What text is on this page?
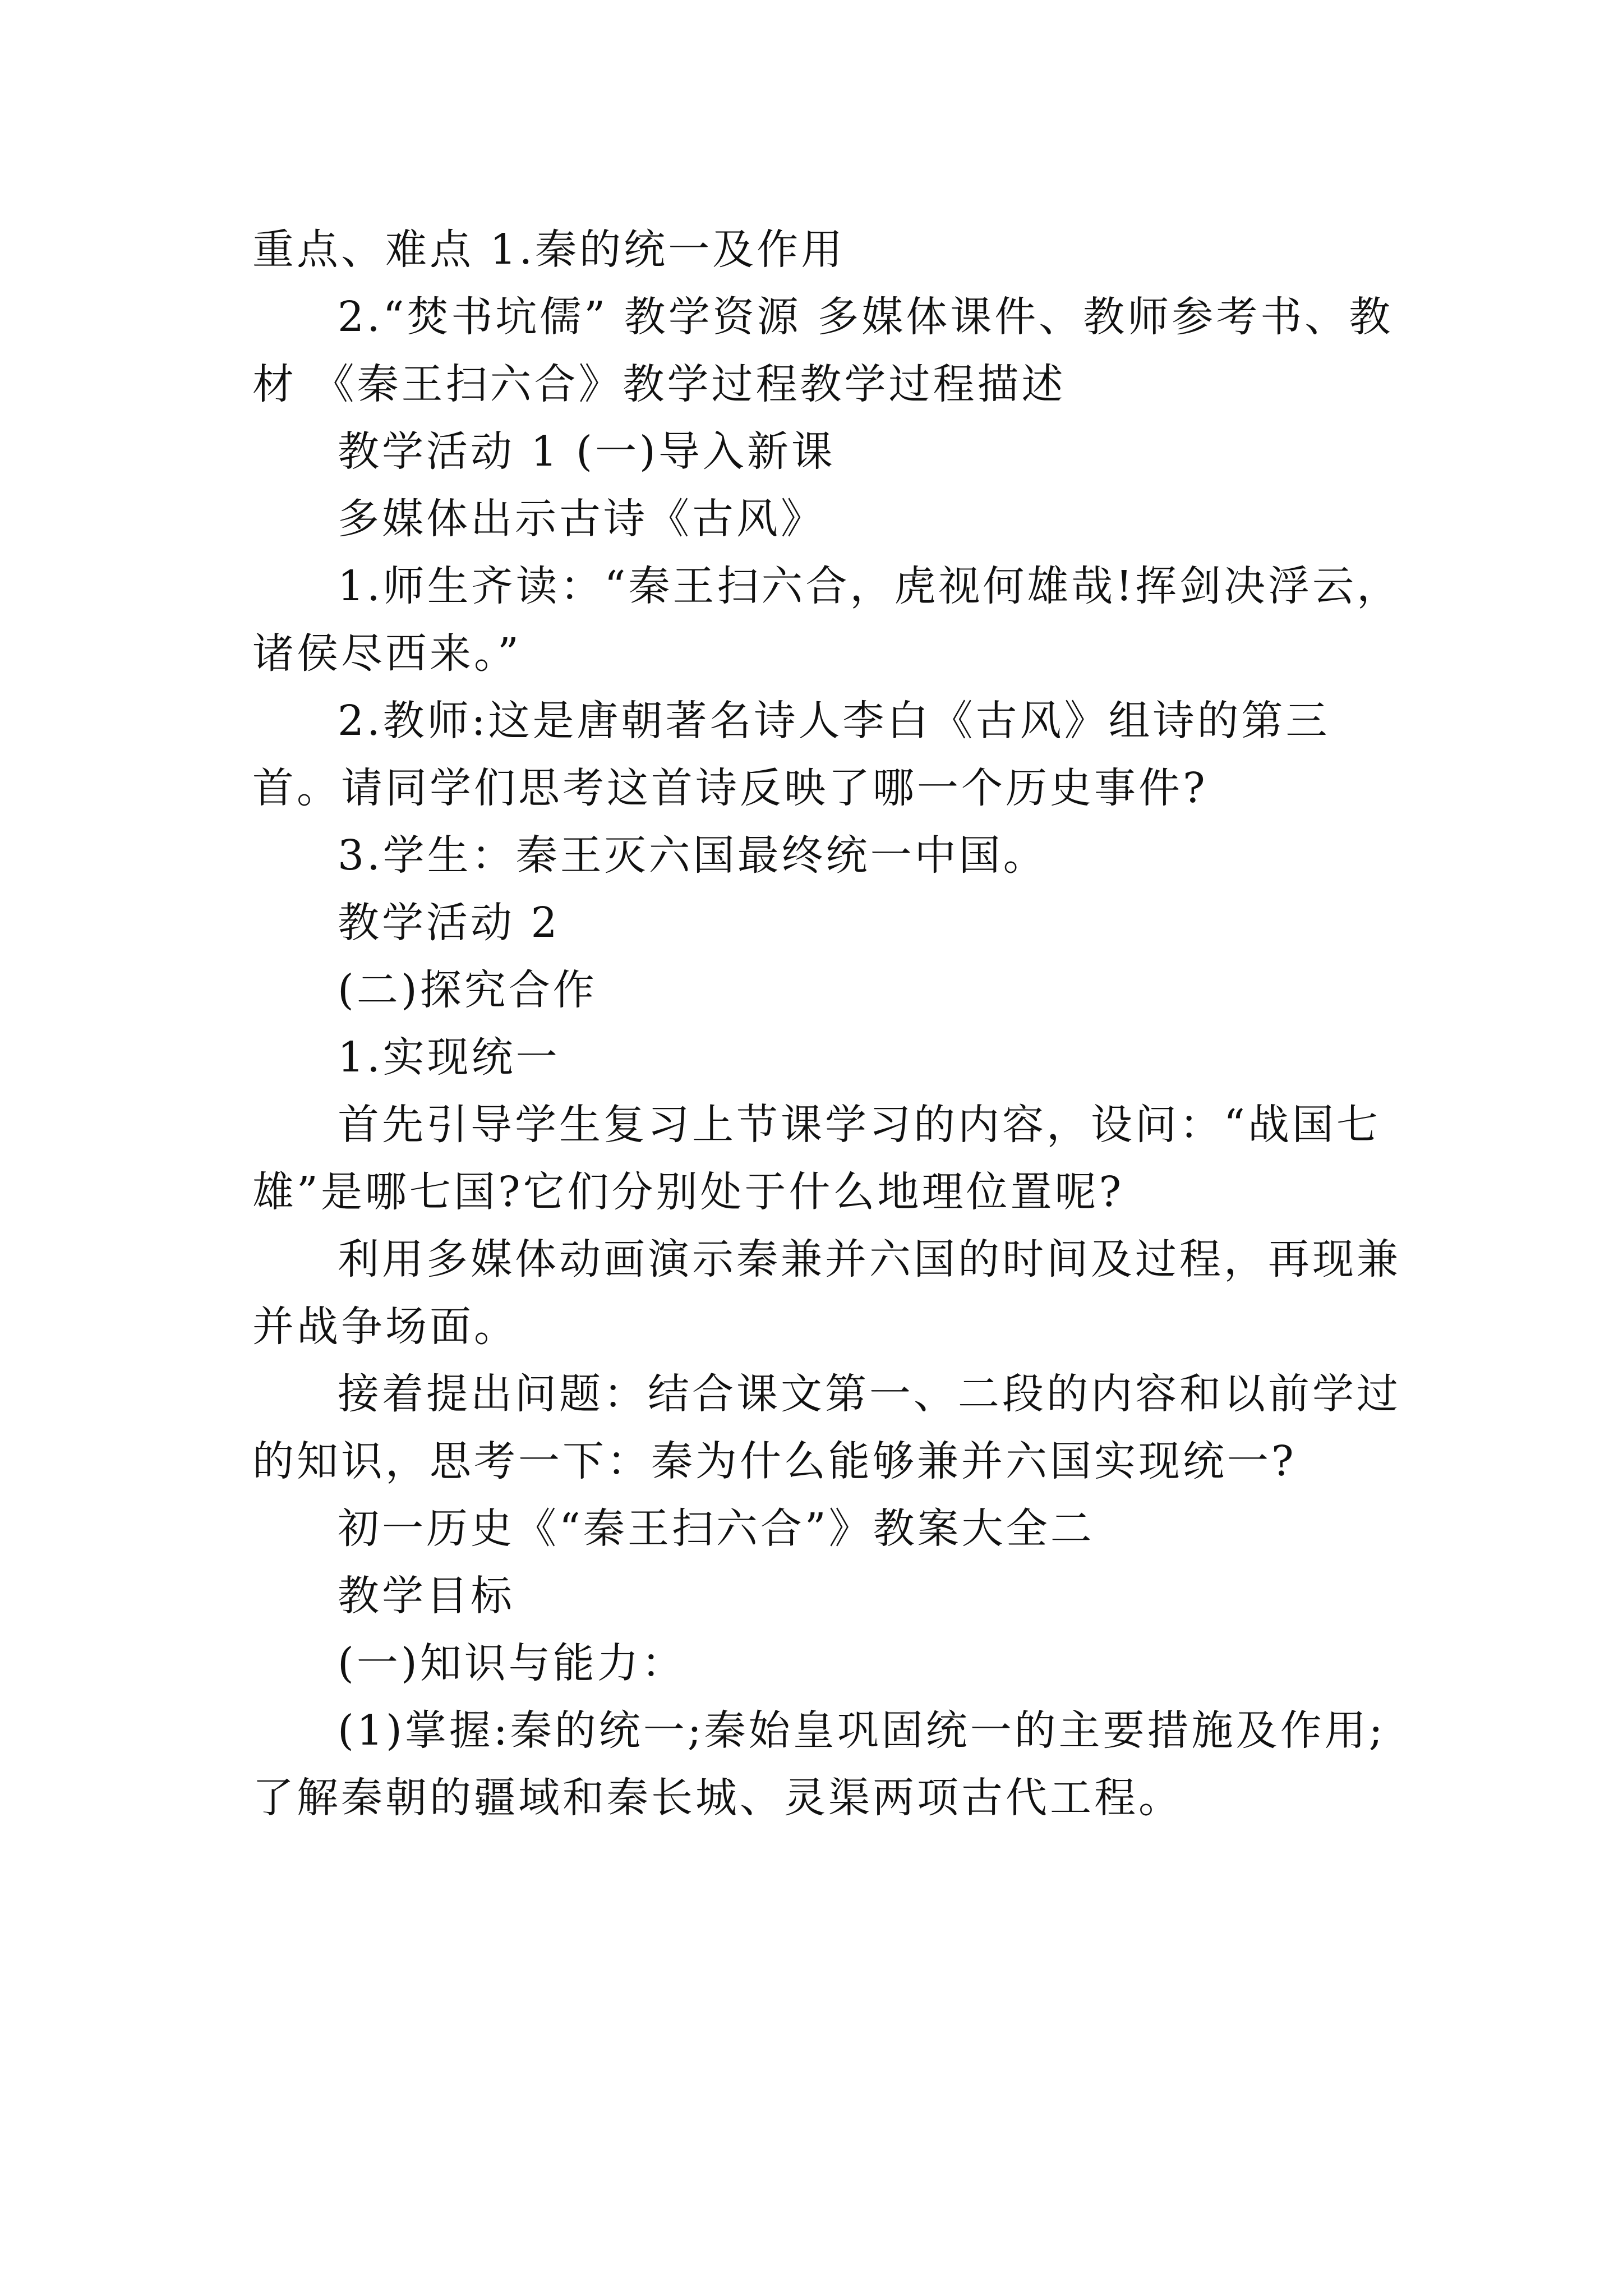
重点、难点 1.秦的统一及作用

2.“焚书坑儒” 教学资源 多媒体课件、教师参考书、教材 《秦王扫六合》教学过程教学过程描述

教学活动 1 (一)导入新课

多媒体出示古诗《古风》

1.师生齐读：“秦王扫六合，虎视何雄哉!挥剑决浮云，诸侯尽西来。”

2.教师:这是唐朝著名诗人李白《古风》组诗的第三首。请同学们思考这首诗反映了哪一个历史事件?

3.学生：秦王灭六国最终统一中国。

教学活动 2

(二)探究合作

1.实现统一

首先引导学生复习上节课学习的内容，设问：“战国七雄”是哪七国?它们分别处于什么地理位置呢?

利用多媒体动画演示秦兼并六国的时间及过程，再现兼并战争场面。

接着提出问题：结合课文第一、二段的内容和以前学过的知识，思考一下：秦为什么能够兼并六国实现统一?

初一历史《“秦王扫六合”》教案大全二

教学目标

(一)知识与能力：

(1)掌握:秦的统一;秦始皇巩固统一的主要措施及作用;了解秦朝的疆域和秦长城、灵渠两项古代工程。
